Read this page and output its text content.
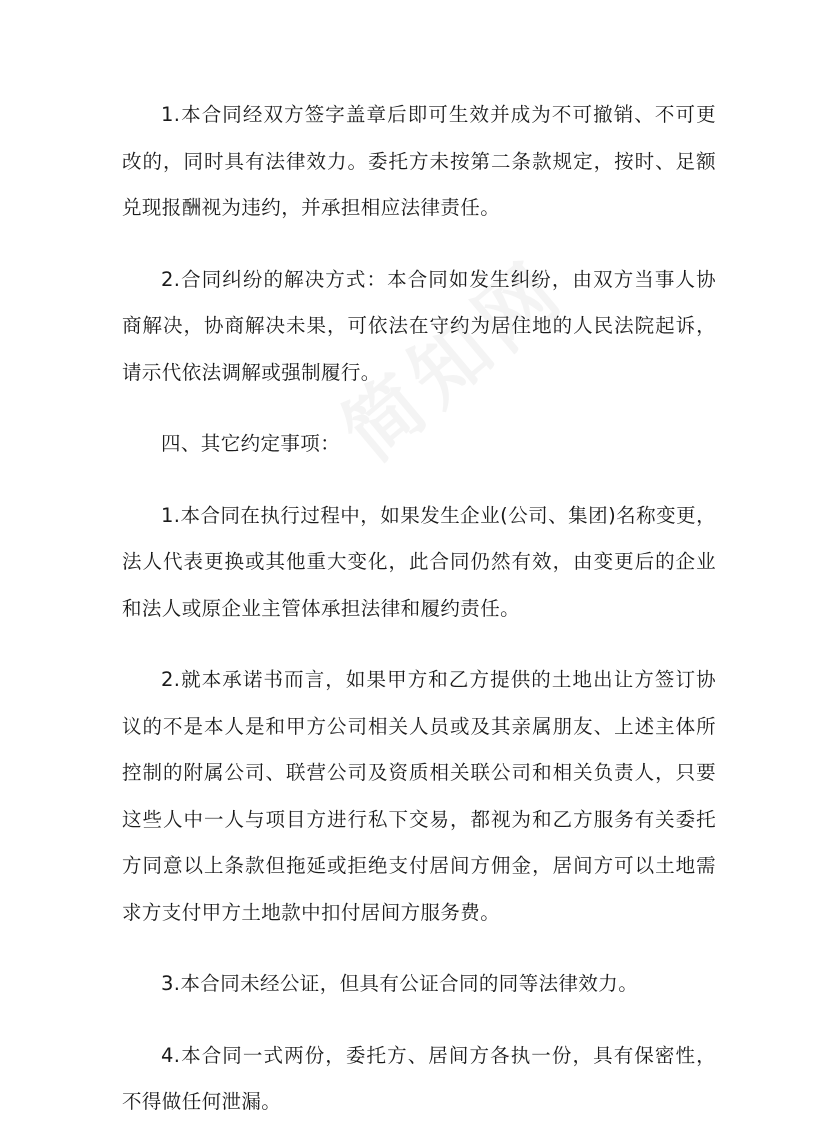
1.本合同经双方签字盖章后即可生效并成为不可撤销、不可更改的，同时具有法律效力。委托方未按第二条款规定，按时、足额兑现报酬视为违约，并承担相应法律责任。

2.合同纠纷的解决方式：本合同如发生纠纷，由双方当事人协商解决，协商解决未果，可依法在守约为居住地的人民法院起诉，请示代依法调解或强制履行。

四、其它约定事项：

1.本合同在执行过程中，如果发生企业(公司、集团)名称变更，法人代表更换或其他重大变化，此合同仍然有效，由变更后的企业和法人或原企业主管体承担法律和履约责任。

2.就本承诺书而言，如果甲方和乙方提供的土地出让方签订协议的不是本人是和甲方公司相关人员或及其亲属朋友、上述主体所控制的附属公司、联营公司及资质相关联公司和相关负责人，只要这些人中一人与项目方进行私下交易，都视为和乙方服务有关委托方同意以上条款但拖延或拒绝支付居间方佣金，居间方可以土地需求方支付甲方土地款中扣付居间方服务费。

3.本合同未经公证，但具有公证合同的同等法律效力。

4.本合同一式两份，委托方、居间方各执一份，具有保密性，不得做任何泄漏。
